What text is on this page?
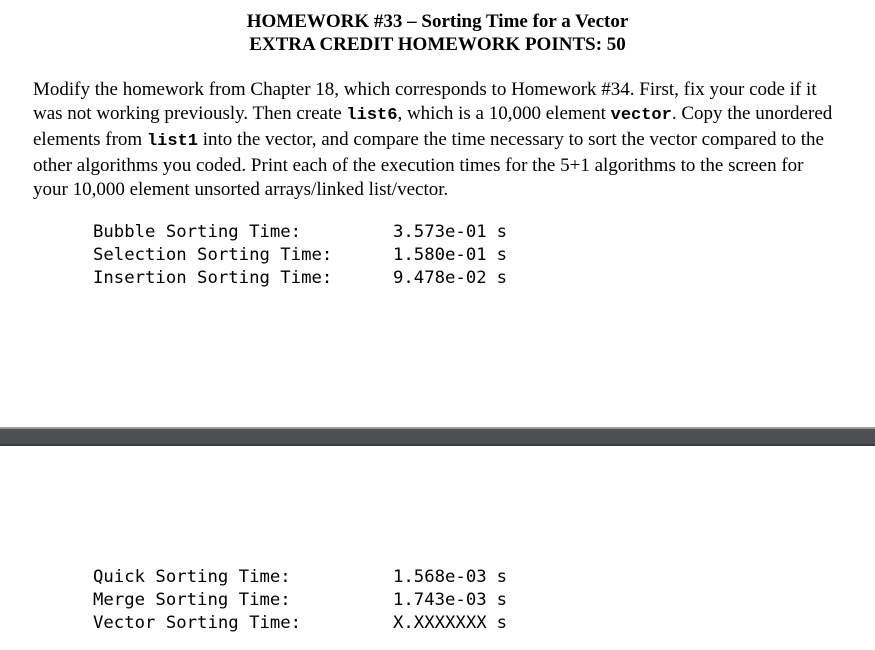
HOMEWORK #33 – Sorting Time for a Vector
EXTRA CREDIT HOMEWORK POINTS: 50

Modify the homework from Chapter 18, which corresponds to Homework #34. First, fix your code if it was not working previously. Then create list6, which is a 10,000 element vector. Copy the unordered elements from list1 into the vector, and compare the time necessary to sort the vector compared to the other algorithms you coded. Print each of the execution times for the 5+1 algorithms to the screen for your 10,000 element unsorted arrays/linked list/vector.

Bubble Sorting Time:	3.573e-01 s
Selection Sorting Time:	1.580e-01 s
Insertion Sorting Time:	9.478e-02 s
Quick Sorting Time:	1.568e-03 s
Merge Sorting Time:	1.743e-03 s
Vector Sorting Time:	X.XXXXXXX s
